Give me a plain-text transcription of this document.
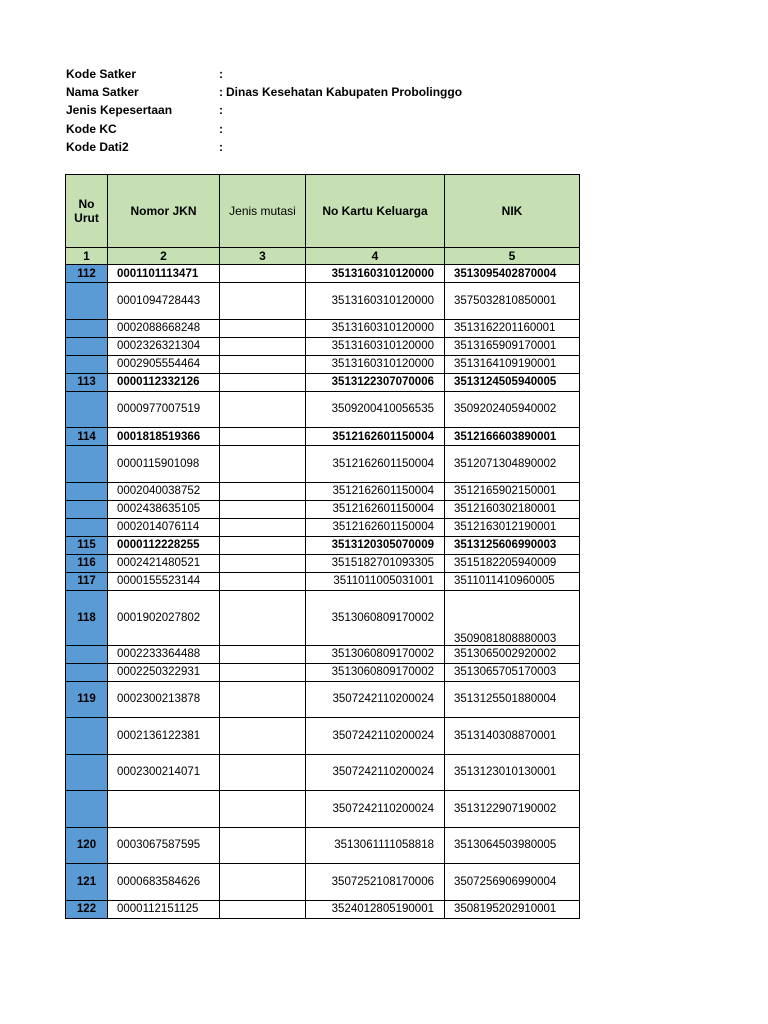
Kode Satker	:
Nama Satker	: Dinas Kesehatan Kabupaten Probolinggo
Jenis Kepesertaan	:
Kode KC	:
Kode Dati2	:
No
Urut	Nomor JKN	Jenis mutasi	No Kartu Keluarga	NIK
1	2	3	4	5
112	0001101113471		3513160310120000	3513095402870004
	0001094728443		3513160310120000	3575032810850001
	0002088668248		3513160310120000	3513162201160001
	0002326321304		3513160310120000	3513165909170001
	0002905554464		3513160310120000	3513164109190001
113	0000112332126		3513122307070006	3513124505940005
	0000977007519		3509200410056535	3509202405940002
114	0001818519366		3512162601150004	3512166603890001
	0000115901098		3512162601150004	3512071304890002
	0002040038752		3512162601150004	3512165902150001
	0002438635105		3512162601150004	3512160302180001
	0002014076114		3512162601150004	3512163012190001
115	0000112228255		3513120305070009	3513125606990003
116	0002421480521		3515182701093305	3515182205940009
117	0000155523144		3511011005031001	3511011410960005
118	0001902027802		3513060809170002	3509081808880003
	0002233364488		3513060809170002	3513065002920002
	0002250322931		3513060809170002	3513065705170003
119	0002300213878		3507242110200024	3513125501880004
	0002136122381		3507242110200024	3513140308870001
	0002300214071		3507242110200024	3513123010130001
			3507242110200024	3513122907190002
120	0003067587595		3513061111058818	3513064503980005
121	0000683584626		3507252108170006	3507256906990004
122	0000112151125		3524012805190001	3508195202910001
